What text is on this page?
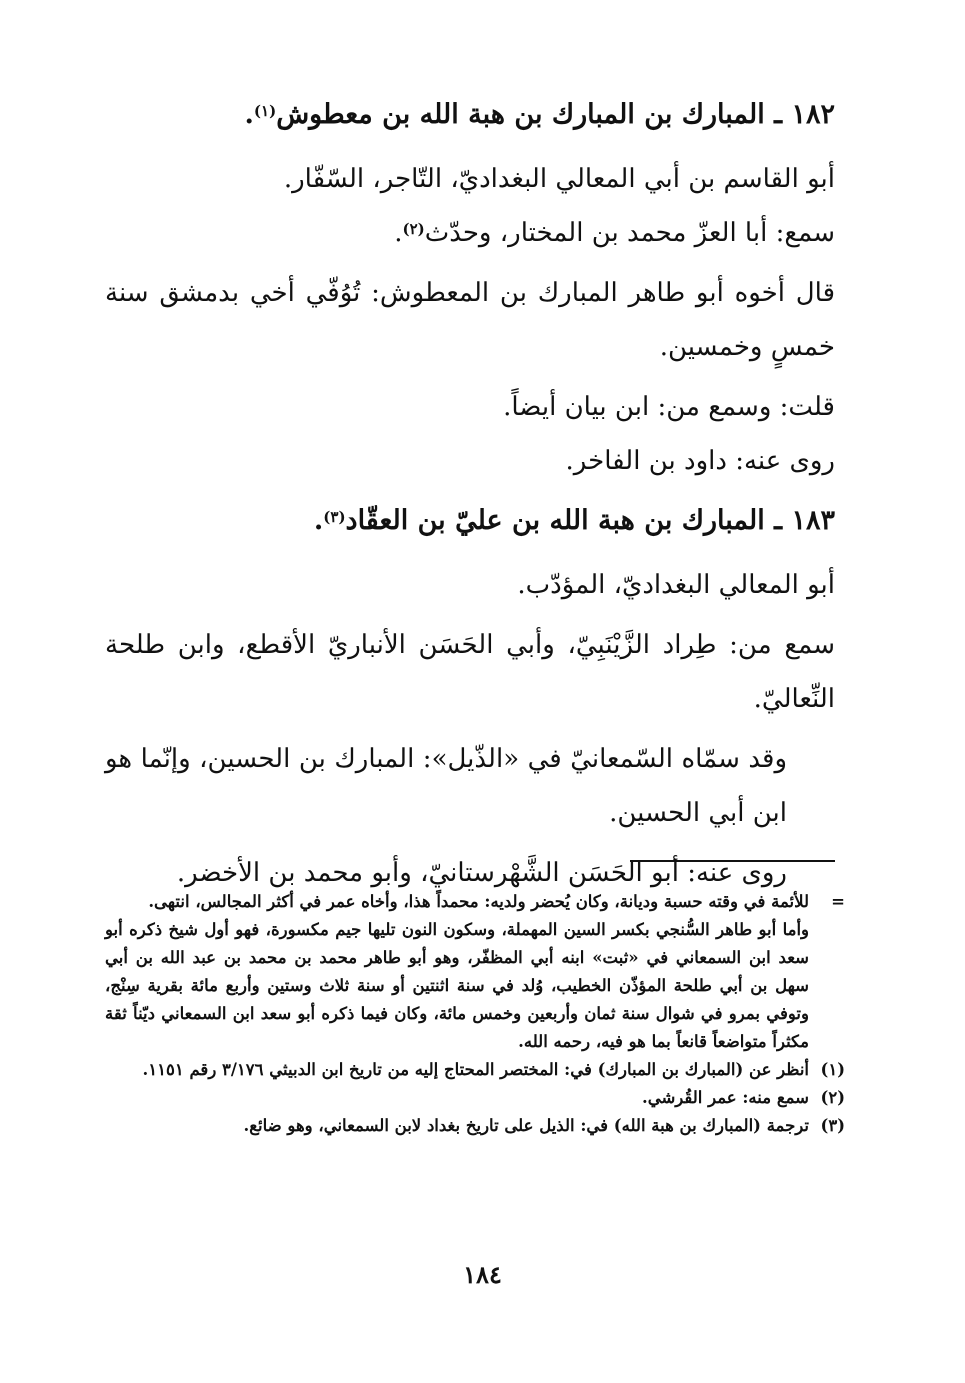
١٨٢ ـ المبارك بن المبارك بن هبة الله بن معطوش$^{(١)}$.

أبو القاسم بن أبي المعالي البغداديّ، التّاجر، السّفّار.

سمع: أبا العزّ محمد بن المختار، وحدّث$^{(٢)}$.

قال أخوه أبو طاهر المبارك بن المعطوش: تُوُفّي أخي بدمشق سنة خمسٍ وخمسين.

قلت: وسمع من: ابن بيان أيضاً.

روى عنه: داود بن الفاخر.

١٨٣ ـ المبارك بن هبة الله بن عليّ بن العقّاد$^{(٣)}$.

أبو المعالي البغداديّ، المؤدّب.

سمع من: طِراد الزَّيْنَبِيّ، وأبي الحَسَن الأنباريّ الأقطع، وابن طلحة النِّعاليّ.

وقد سمّاه السّمعانيّ في «الذّيل»: المبارك بن الحسين، وإنّما هو ابن أبي الحسين.

روى عنه: أبو الحَسَن الشَّهْرستانيّ، وأبو محمد بن الأخضر.

=

للأئمة في وقته حسبة وديانة، وكان يُحضر ولديه: محمداً هذا، وأخاه عمر في أكثر المجالس، انتهى.

وأما أبو طاهر السُّنجي بكسر السين المهملة، وسكون النون تليها جيم مكسورة، فهو أول شيخ ذكره أبو سعد ابن السمعاني في «ثبت» ابنه أبي المظفّر، وهو أبو طاهر محمد بن محمد بن عبد الله بن أبي سهل بن أبي طلحة المؤذّن الخطيب، وُلد في سنة اثنتين أو سنة ثلاث وستين وأربع مائة بقرية سِنْج، وتوفي بمرو في شوال سنة ثمان وأربعين وخمس مائة، وكان فيما ذكره أبو سعد ابن السمعاني ديّناً ثقة مكثراً متواضعاً قانعاً بما هو فيه، رحمه الله.

(١)

أنظر عن (المبارك بن المبارك) في: المختصر المحتاج إليه من تاريخ ابن الدبيثي ٣/١٧٦ رقم ١١٥١.

(٢)

سمع منه: عمر القُرشي.

(٣)

ترجمة (المبارك بن هبة الله) في: الذيل على تاريخ بغداد لابن السمعاني، وهو ضائع.

١٨٤
